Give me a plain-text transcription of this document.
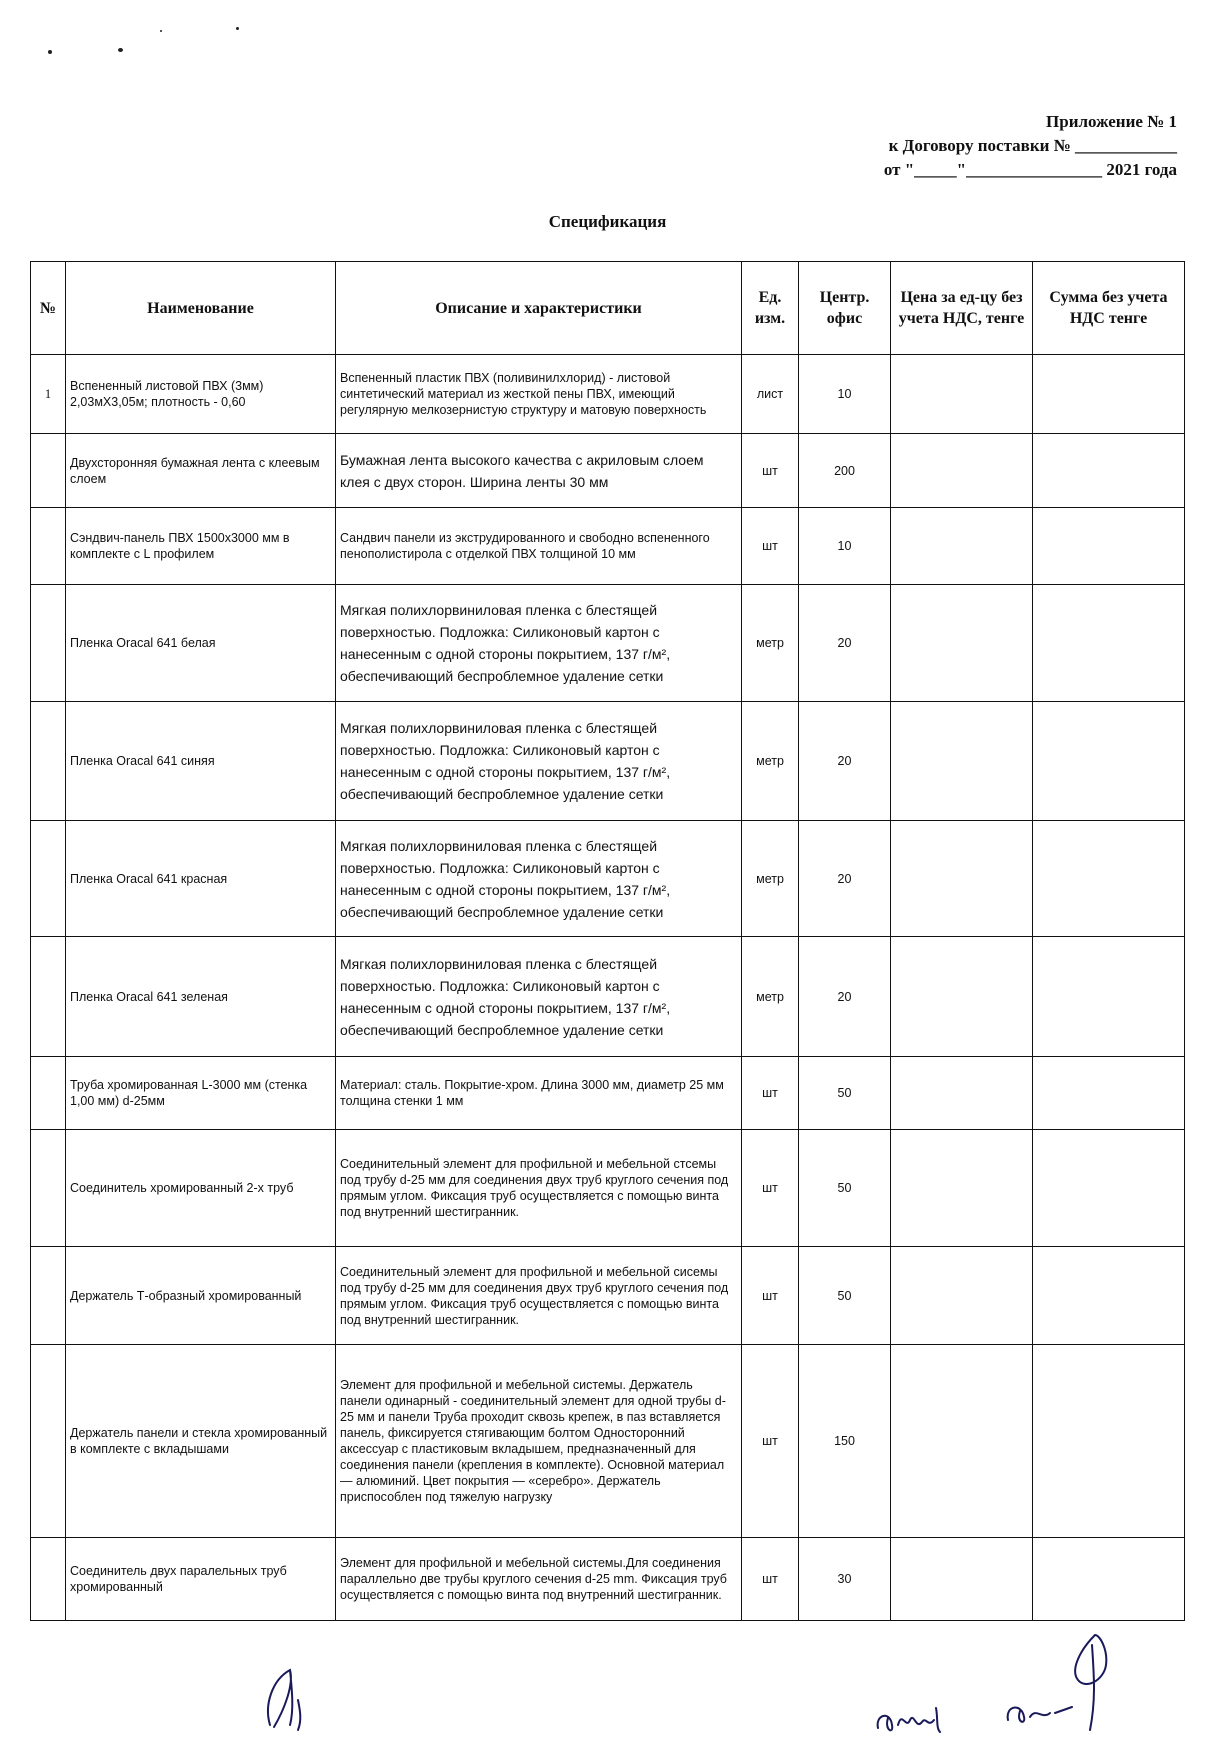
Приложение № 1
к Договору поставки № ____________
от "_____"________________ 2021 года
Спецификация
№	Наименование	Описание и характеристики	Ед. изм.	Центр. офис	Цена за ед-цу без учета НДС, тенге	Сумма без учета НДС тенге
1	Вспененный листовой ПВХ (3мм) 2,03мХ3,05м; плотность - 0,60	Вспененный пластик ПВХ (поливинилхлорид) - листовой синтетический материал из жесткой пены ПВХ, имеющий регулярную мелкозернистую структуру и матовую поверхность	лист	10		
	Двухсторонняя бумажная лента с клеевым слоем	Бумажная лента высокого качества с акриловым слоем клея с двух сторон. Ширина ленты 30 мм	шт	200		
	Сэндвич-панель ПВХ 1500х3000 мм в комплекте с L профилем	Сандвич панели из экструдированного и свободно вспененного пенополистирола с отделкой ПВХ толщиной 10 мм	шт	10		
	Пленка Oracal 641 белая	Мягкая полихлорвиниловая пленка с блестящей поверхностью. Подложка: Силиконовый картон с нанесенным с одной стороны покрытием, 137 г/м², обеспечивающий беспроблемное удаление сетки	метр	20		
	Пленка Oracal 641 синяя	Мягкая полихлорвиниловая пленка с блестящей поверхностью. Подложка: Силиконовый картон с нанесенным с одной стороны покрытием, 137 г/м², обеспечивающий беспроблемное удаление сетки	метр	20		
	Пленка Oracal 641 красная	Мягкая полихлорвиниловая пленка с блестящей поверхностью. Подложка: Силиконовый картон с нанесенным с одной стороны покрытием, 137 г/м², обеспечивающий беспроблемное удаление сетки	метр	20		
	Пленка Oracal 641 зеленая	Мягкая полихлорвиниловая пленка с блестящей поверхностью. Подложка: Силиконовый картон с нанесенным с одной стороны покрытием, 137 г/м², обеспечивающий беспроблемное удаление сетки	метр	20		
	Труба хромированная L-3000 мм (стенка 1,00 мм) d-25мм	Материал: сталь. Покрытие-хром. Длина 3000 мм, диаметр 25 мм толщина стенки 1 мм	шт	50		
	Соединитель хромированный 2-х труб	Соединительный элемент для профильной и мебельной стсемы под трубу d-25 мм для соединения двух труб круглого сечения под прямым углом. Фиксация труб осуществляется с помощью винта под внутренний шестигранник.	шт	50		
	Держатель Т-образный хромированный	Соединительный элемент для профильной и мебельной сисемы под трубу d-25 мм для соединения двух труб круглого сечения под прямым углом. Фиксация труб осуществляется с помощью винта под внутренний шестигранник.	шт	50		
	Держатель панели и стекла хромированный в комплекте с вкладышами	Элемент для профильной и мебельной системы. Держатель панели одинарный - соединительный элемент для одной трубы d-25 мм и панели Труба проходит сквозь крепеж, в паз вставляется панель, фиксируется стягивающим болтом Односторонний аксессуар с пластиковым вкладышем, предназначенный для соединения панели (крепления в комплекте). Основной материал — алюминий. Цвет покрытия — «серебро». Держатель приспособлен под тяжелую нагрузку	шт	150		
	Соединитель двух паралельных труб хромированный	Элемент для профильной и мебельной системы.Для соединения параллельно две трубы круглого сечения d-25 mm. Фиксация труб осуществляется с помощью винта под внутренний шестигранник.	шт	30		
